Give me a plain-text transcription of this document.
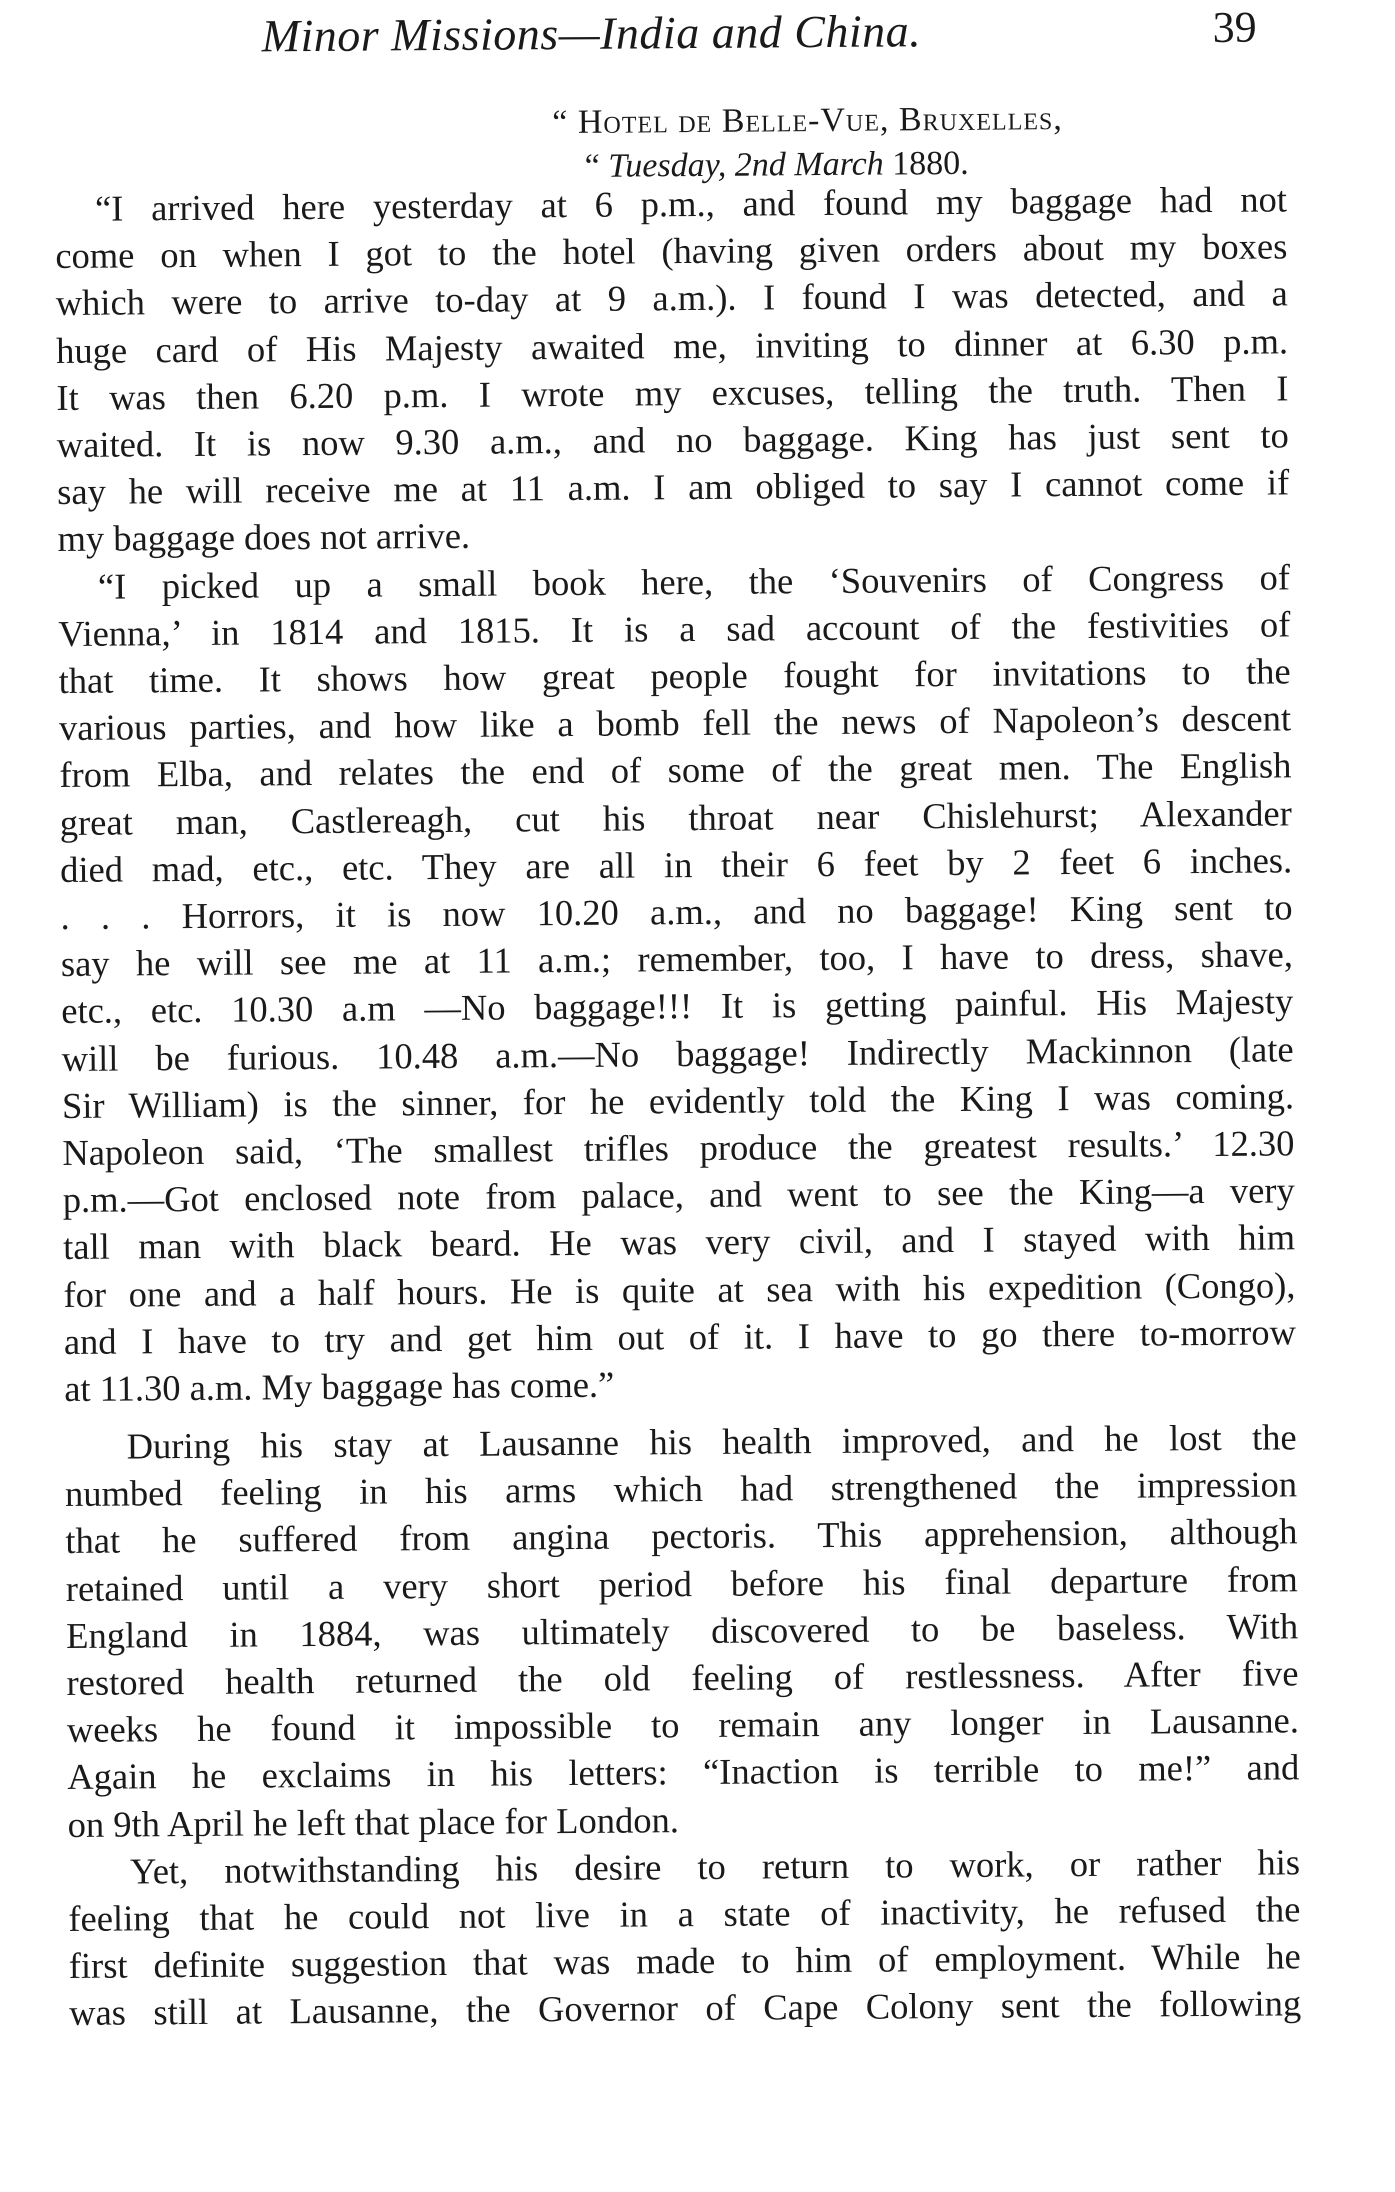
Minor Missions—India and China.	39
“ Hotel de Belle-Vue, Bruxelles,
“ Tuesday, 2nd March 1880.
“I arrived here yesterday at 6 p.m., and found my baggage had not
come on when I got to the hotel (having given orders about my boxes
which were to arrive to-day at 9 a.m.). I found I was detected, and a
huge card of His Majesty awaited me, inviting to dinner at 6.30 p.m.
It was then 6.20 p.m. I wrote my excuses, telling the truth. Then I
waited. It is now 9.30 a.m., and no baggage. King has just sent to
say he will receive me at 11 a.m. I am obliged to say I cannot come if
my baggage does not arrive.
“I picked up a small book here, the ‘Souvenirs of Congress of
Vienna,’ in 1814 and 1815. It is a sad account of the festivities of
that time. It shows how great people fought for invitations to the
various parties, and how like a bomb fell the news of Napoleon’s descent
from Elba, and relates the end of some of the great men. The English
great man, Castlereagh, cut his throat near Chislehurst; Alexander
died mad, etc., etc. They are all in their 6 feet by 2 feet 6 inches.
. . . Horrors, it is now 10.20 a.m., and no baggage! King sent to
say he will see me at 11 a.m.; remember, too, I have to dress, shave,
etc., etc. 10.30 a.m —No baggage!!! It is getting painful. His Majesty
will be furious. 10.48 a.m.—No baggage! Indirectly Mackinnon (late
Sir William) is the sinner, for he evidently told the King I was coming.
Napoleon said, ‘The smallest trifles produce the greatest results.’ 12.30
p.m.—Got enclosed note from palace, and went to see the King—a very
tall man with black beard. He was very civil, and I stayed with him
for one and a half hours. He is quite at sea with his expedition (Congo),
and I have to try and get him out of it. I have to go there to-morrow
at 11.30 a.m. My baggage has come.”
During his stay at Lausanne his health improved, and he lost the
numbed feeling in his arms which had strengthened the impression
that he suffered from angina pectoris. This apprehension, although
retained until a very short period before his final departure from
England in 1884, was ultimately discovered to be baseless. With
restored health returned the old feeling of restlessness. After five
weeks he found it impossible to remain any longer in Lausanne.
Again he exclaims in his letters: “Inaction is terrible to me!” and
on 9th April he left that place for London.
Yet, notwithstanding his desire to return to work, or rather his
feeling that he could not live in a state of inactivity, he refused the
first definite suggestion that was made to him of employment. While he
was still at Lausanne, the Governor of Cape Colony sent the following
